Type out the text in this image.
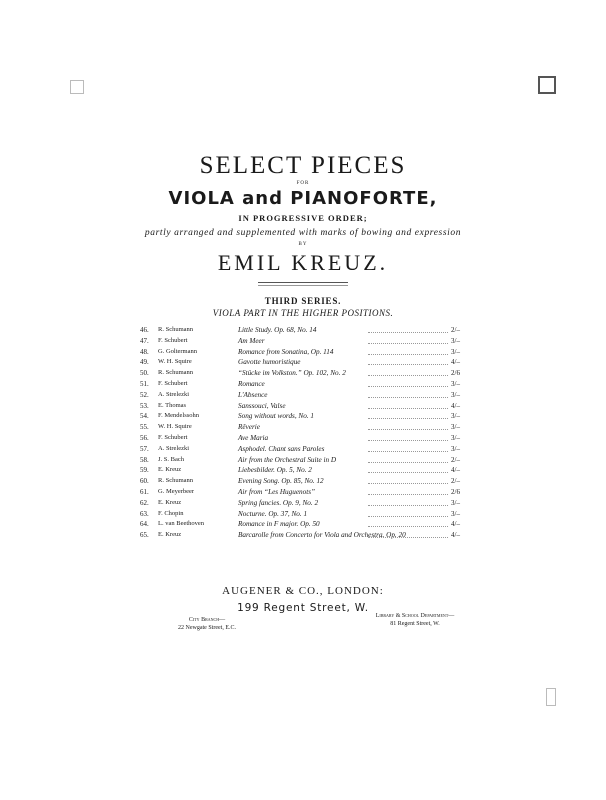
SELECT PIECES
FOR
VIOLA and PIANOFORTE,
IN PROGRESSIVE ORDER;
partly arranged and supplemented with marks of bowing and expression
BY
EMIL KREUZ.
THIRD SERIES.
VIOLA PART IN THE HIGHER POSITIONS.
46.	R. Schumann	Little Study. Op. 68, No. 14	2/–
47.	F. Schubert	Am Meer	3/–
48.	G. Goltermann	Romance from Sonatina, Op. 114	3/–
49.	W. H. Squire	Gavotte humoristique	4/–
50.	R. Schumann	“Stücke im Volkston.” Op. 102, No. 2	2/6
51.	F. Schubert	Romance	3/–
52.	A. Strelezki	L'Absence	3/–
53.	E. Thomas	Sanssouci, Valse	4/–
54.	F. Mendelssohn	Song without words, No. 1	3/–
55.	W. H. Squire	Rêverie	3/–
56.	F. Schubert	Ave Maria	3/–
57.	A. Strelezki	Asphodel. Chant sans Paroles	3/–
58.	J. S. Bach	Air from the Orchestral Suite in D	2/–
59.	E. Kreuz	Liebesbilder. Op. 5, No. 2	4/–
60.	R. Schumann	Evening Song. Op. 85, No. 12	2/–
61.	G. Meyerbeer	Air from “Les Huguenots”	2/6
62.	E. Kreuz	Spring fancies. Op. 9, No. 2	3/–
63.	F. Chopin	Nocturne. Op. 37, No. 1	3/–
64.	L. van Beethoven	Romance in F major. Op. 50	4/–
65.	E. Kreuz	Barcarolle from Concerto for Viola and Orchestra. Op. 20	4/–
AUGENER & CO., LONDON:
199 Regent Street, W.
City Branch—
22 Newgate Street, E.C.
Library & School Department—
81 Regent Street, W.
